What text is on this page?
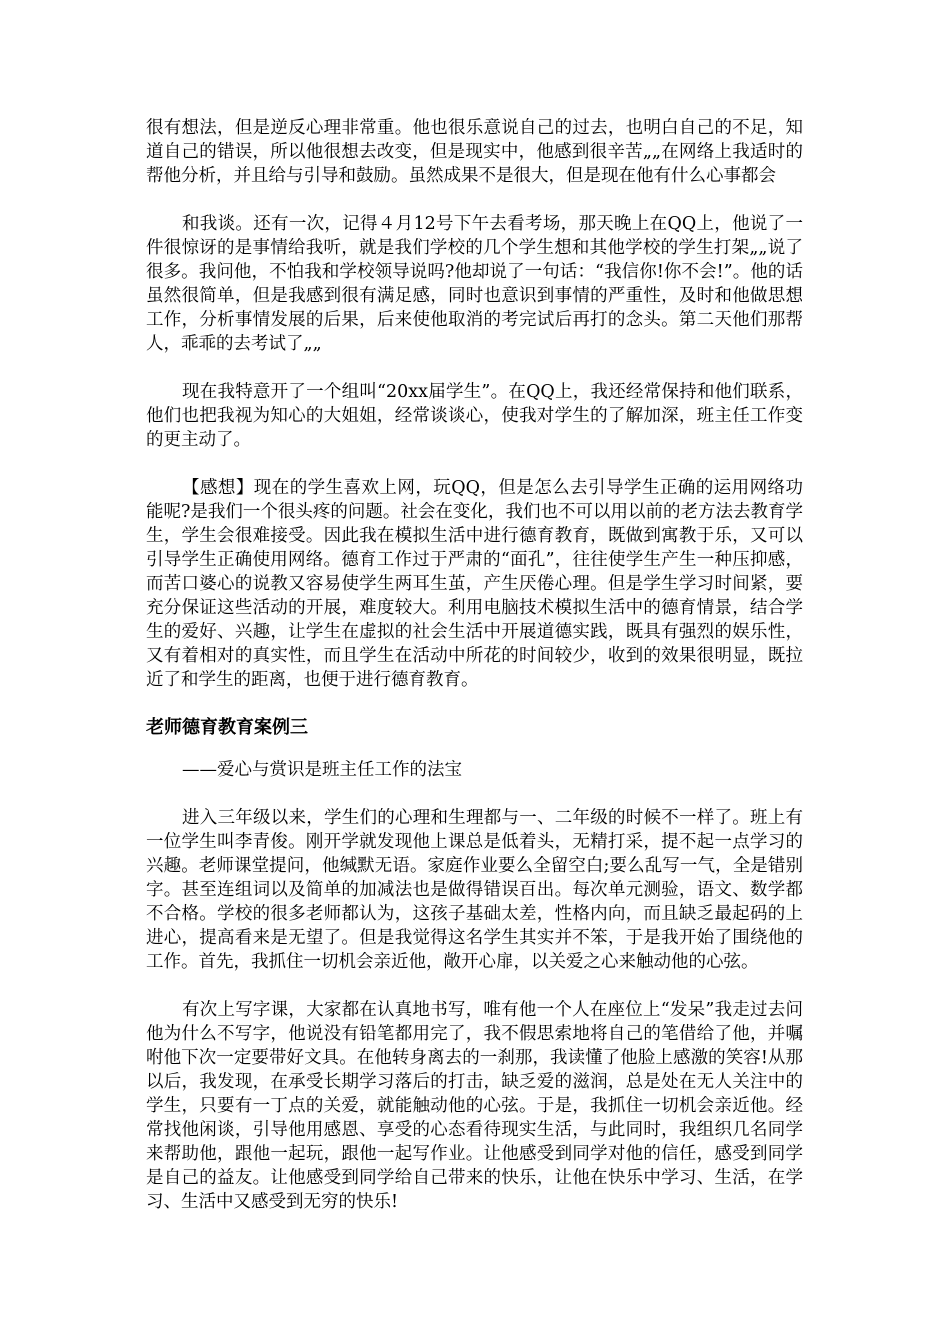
很有想法，但是逆反心理非常重。他也很乐意说自己的过去，也明白自己的不足，知道自己的错误，所以他很想去改变，但是现实中，他感到很辛苦„„在网络上我适时的帮他分析，并且给与引导和鼓励。虽然成果不是很大，但是现在他有什么心事都会

和我谈。还有一次，记得４月12号下午去看考场，那天晚上在QQ上，他说了一件很惊讶的是事情给我听，就是我们学校的几个学生想和其他学校的学生打架„„说了很多。我问他，不怕我和学校领导说吗?他却说了一句话：“我信你!你不会!”。他的话虽然很简单，但是我感到很有满足感，同时也意识到事情的严重性，及时和他做思想工作，分析事情发展的后果，后来使他取消的考完试后再打的念头。第二天他们那帮人，乖乖的去考试了„„

现在我特意开了一个组叫“20xx届学生”。在QQ上，我还经常保持和他们联系，他们也把我视为知心的大姐姐，经常谈谈心，使我对学生的了解加深，班主任工作变的更主动了。

【感想】现在的学生喜欢上网，玩QQ，但是怎么去引导学生正确的运用网络功能呢?是我们一个很头疼的问题。社会在变化，我们也不可以用以前的老方法去教育学生，学生会很难接受。因此我在模拟生活中进行德育教育，既做到寓教于乐，又可以引导学生正确使用网络。德育工作过于严肃的“面孔”，往往使学生产生一种压抑感，而苦口婆心的说教又容易使学生两耳生茧，产生厌倦心理。但是学生学习时间紧，要充分保证这些活动的开展，难度较大。利用电脑技术模拟生活中的德育情景，结合学生的爱好、兴趣，让学生在虚拟的社会生活中开展道德实践，既具有强烈的娱乐性，又有着相对的真实性，而且学生在活动中所花的时间较少，收到的效果很明显，既拉近了和学生的距离，也便于进行德育教育。

老师德育教育案例三

——爱心与赏识是班主任工作的法宝

进入三年级以来，学生们的心理和生理都与一、二年级的时候不一样了。班上有一位学生叫李青俊。刚开学就发现他上课总是低着头，无精打采，提不起一点学习的兴趣。老师课堂提问，他缄默无语。家庭作业要么全留空白;要么乱写一气，全是错别字。甚至连组词以及简单的加减法也是做得错误百出。每次单元测验，语文、数学都不合格。学校的很多老师都认为，这孩子基础太差，性格内向，而且缺乏最起码的上进心，提高看来是无望了。但是我觉得这名学生其实并不笨，于是我开始了围绕他的工作。首先，我抓住一切机会亲近他，敞开心扉，以关爱之心来触动他的心弦。

有次上写字课，大家都在认真地书写，唯有他一个人在座位上“发呆”我走过去问他为什么不写字，他说没有铅笔都用完了，我不假思索地将自己的笔借给了他，并嘱咐他下次一定要带好文具。在他转身离去的一刹那，我读懂了他脸上感激的笑容!从那以后，我发现，在承受长期学习落后的打击，缺乏爱的滋润，总是处在无人关注中的学生，只要有一丁点的关爱，就能触动他的心弦。于是，我抓住一切机会亲近他。经常找他闲谈，引导他用感恩、享受的心态看待现实生活，与此同时，我组织几名同学来帮助他，跟他一起玩，跟他一起写作业。让他感受到同学对他的信任，感受到同学是自己的益友。让他感受到同学给自己带来的快乐，让他在快乐中学习、生活，在学习、生活中又感受到无穷的快乐!
